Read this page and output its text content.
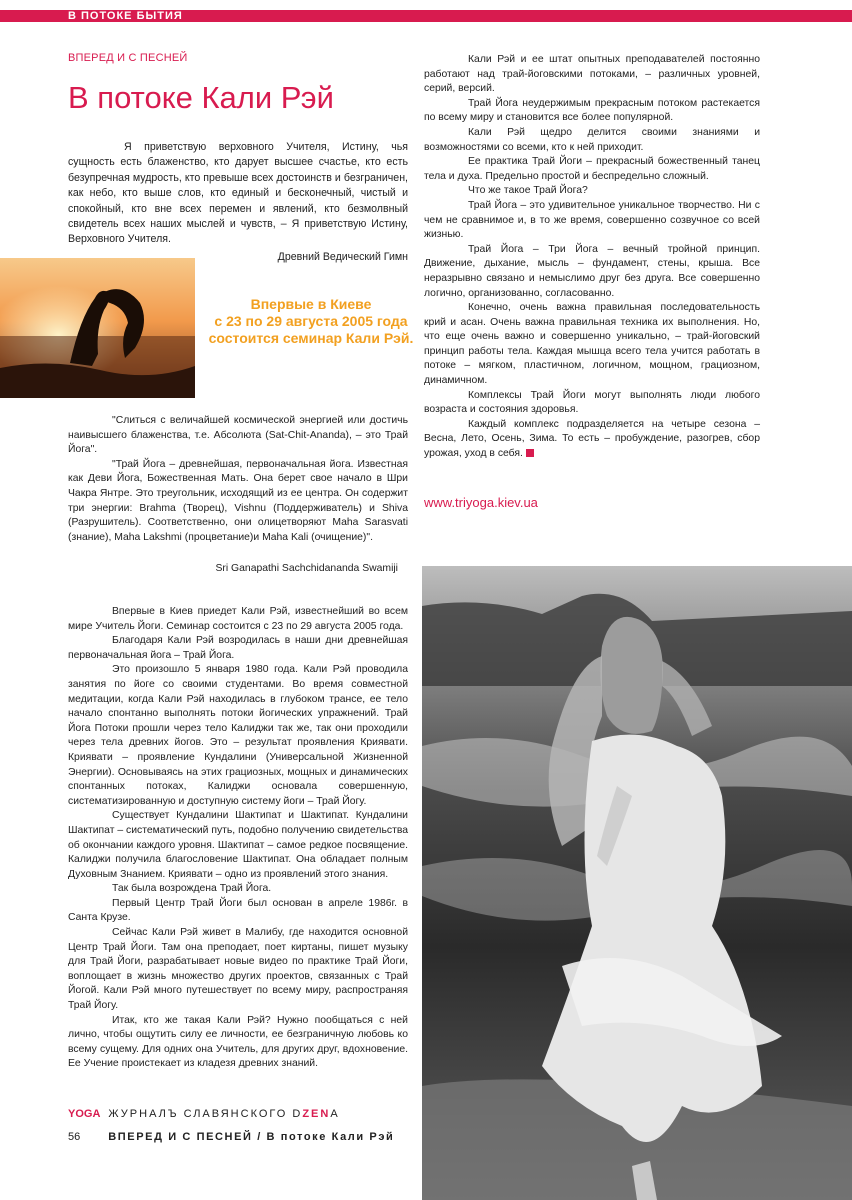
В ПОТОКЕ БЫТИЯ
ВПЕРЕД И С ПЕСНЕЙ
В потоке Кали Рэй

Я приветствую верховного Учителя, Истину, чья сущность есть блаженство, кто дарует высшее счастье, кто есть безупречная мудрость, кто превыше всех достоинств и безграничен, как небо, кто выше слов, кто единый и бесконечный, чистый и спокойный, кто вне всех перемен и явлений, кто безмолвный свидетель всех наших мыслей и чувств, – Я приветствую Истину, Верховного Учителя.

Древний Ведический Гимн

Впервые в Киеве
с 23 по 29 августа 2005 года
состоится семинар Кали Рэй.

"Слиться с величайшей космической энергией или достичь наивысшего блаженства, т.е. Абсолюта (Sat-Chit-Ananda), – это Трай Йога".

"Трай Йога – древнейшая, первоначальная йога. Известная как Деви Йога, Божественная Мать. Она берет свое начало в Шри Чакра Янтре. Это треугольник, исходящий из ее центра. Он содержит три энергии: Brahma (Творец), Vishnu (Поддерживатель) и Shiva (Разрушитель). Соответственно, они олицетворяют Maha Sarasvati (знание), Maha Lakshmi (процветание)и Maha Kali (очищение)".

Sri Ganapathi Sachchidananda Swamiji

Впервые в Киев приедет Кали Рэй, известнейший во всем мире Учитель Йоги. Семинар состоится с 23 по 29 августа 2005 года.

Благодаря Кали Рэй возродилась в наши дни древнейшая первоначальная йога – Трай Йога.

Это произошло 5 января 1980 года. Кали Рэй проводила занятия по йоге со своими студентами. Во время совместной медитации, когда Кали Рэй находилась в глубоком трансе, ее тело начало спонтанно выполнять потоки йогических упражнений. Трай Йога Потоки прошли через тело Калиджи так же, так они проходили через тела древних йогов. Это – результат проявления Криявати. Криявати – проявление Кундалини (Универсальной Жизненной Энергии). Основываясь на этих грациозных, мощных и динамических спонтанных потоках, Калиджи основала совершенную, систематизированную и доступную систему йоги – Трай Йогу.

Существует Кундалини Шактипат и Шактипат. Кундалини Шактипат – систематический путь, подобно получению свидетельства об окончании каждого уровня. Шактипат – самое редкое посвящение. Калиджи получила благословение Шактипат. Она обладает полным Духовным Знанием. Криявати – одно из проявлений этого знания.

Так была возрождена Трай Йога.

Первый Центр Трай Йоги был основан в апреле 1986г. в Санта Крузе.

Сейчас Кали Рэй живет в Малибу, где находится основной Центр Трай Йоги. Там она преподает, поет киртаны, пишет музыку для Трай Йоги, разрабатывает новые видео по практике Трай Йоги, воплощает в жизнь множество других проектов, связанных с Трай Йогой. Кали Рэй много путешествует по всему миру, распространяя Трай Йогу.

Итак, кто же такая Кали Рэй? Нужно пообщаться с ней лично, чтобы ощутить силу ее личности, ее безграничную любовь ко всему сущему. Для одних она Учитель, для других друг, вдохновение. Ее Учение проистекает из кладезя древних знаний.

Кали Рэй и ее штат опытных преподавателей постоянно работают над трай-йоговскими потоками, – различных уровней, серий, версий.

Трай Йога неудержимым прекрасным потоком растекается по всему миру и становится все более популярной.

Кали Рэй щедро делится своими знаниями и возможностями со всеми, кто к ней приходит.

Ее практика Трай Йоги – прекрасный божественный танец тела и духа. Предельно простой и беспредельно сложный.

Что же такое Трай Йога?

Трай Йога – это удивительное уникальное творчество. Ни с чем не сравнимое и, в то же время, совершенно созвучное со всей жизнью.

Трай Йога – Три Йога – вечный тройной принцип. Движение, дыхание, мысль – фундамент, стены, крыша. Все неразрывно связано и немыслимо друг без друга. Все совершенно логично, организованно, согласованно.

Конечно, очень важна правильная последовательность крий и асан. Очень важна правильная техника их выполнения. Но, что еще очень важно и совершенно уникально, – трай-йоговский принцип работы тела. Каждая мышца всего тела учится работать в потоке – мягком, пластичном, логичном, мощном, грациозном, динамичном.

Комплексы Трай Йоги могут выполнять люди любого возраста и состояния здоровья.

Каждый комплекс подразделяется на четыре сезона – Весна, Лето, Осень, Зима. То есть – пробуждение, разогрев, сбор урожая, уход в себя.

www.triyoga.kiev.ua
YOGA ЖУРНАЛЪ СЛАВЯНСКОГО DZENA
56	ВПЕРЕД И С ПЕСНЕЙ / В потоке Кали Рэй
